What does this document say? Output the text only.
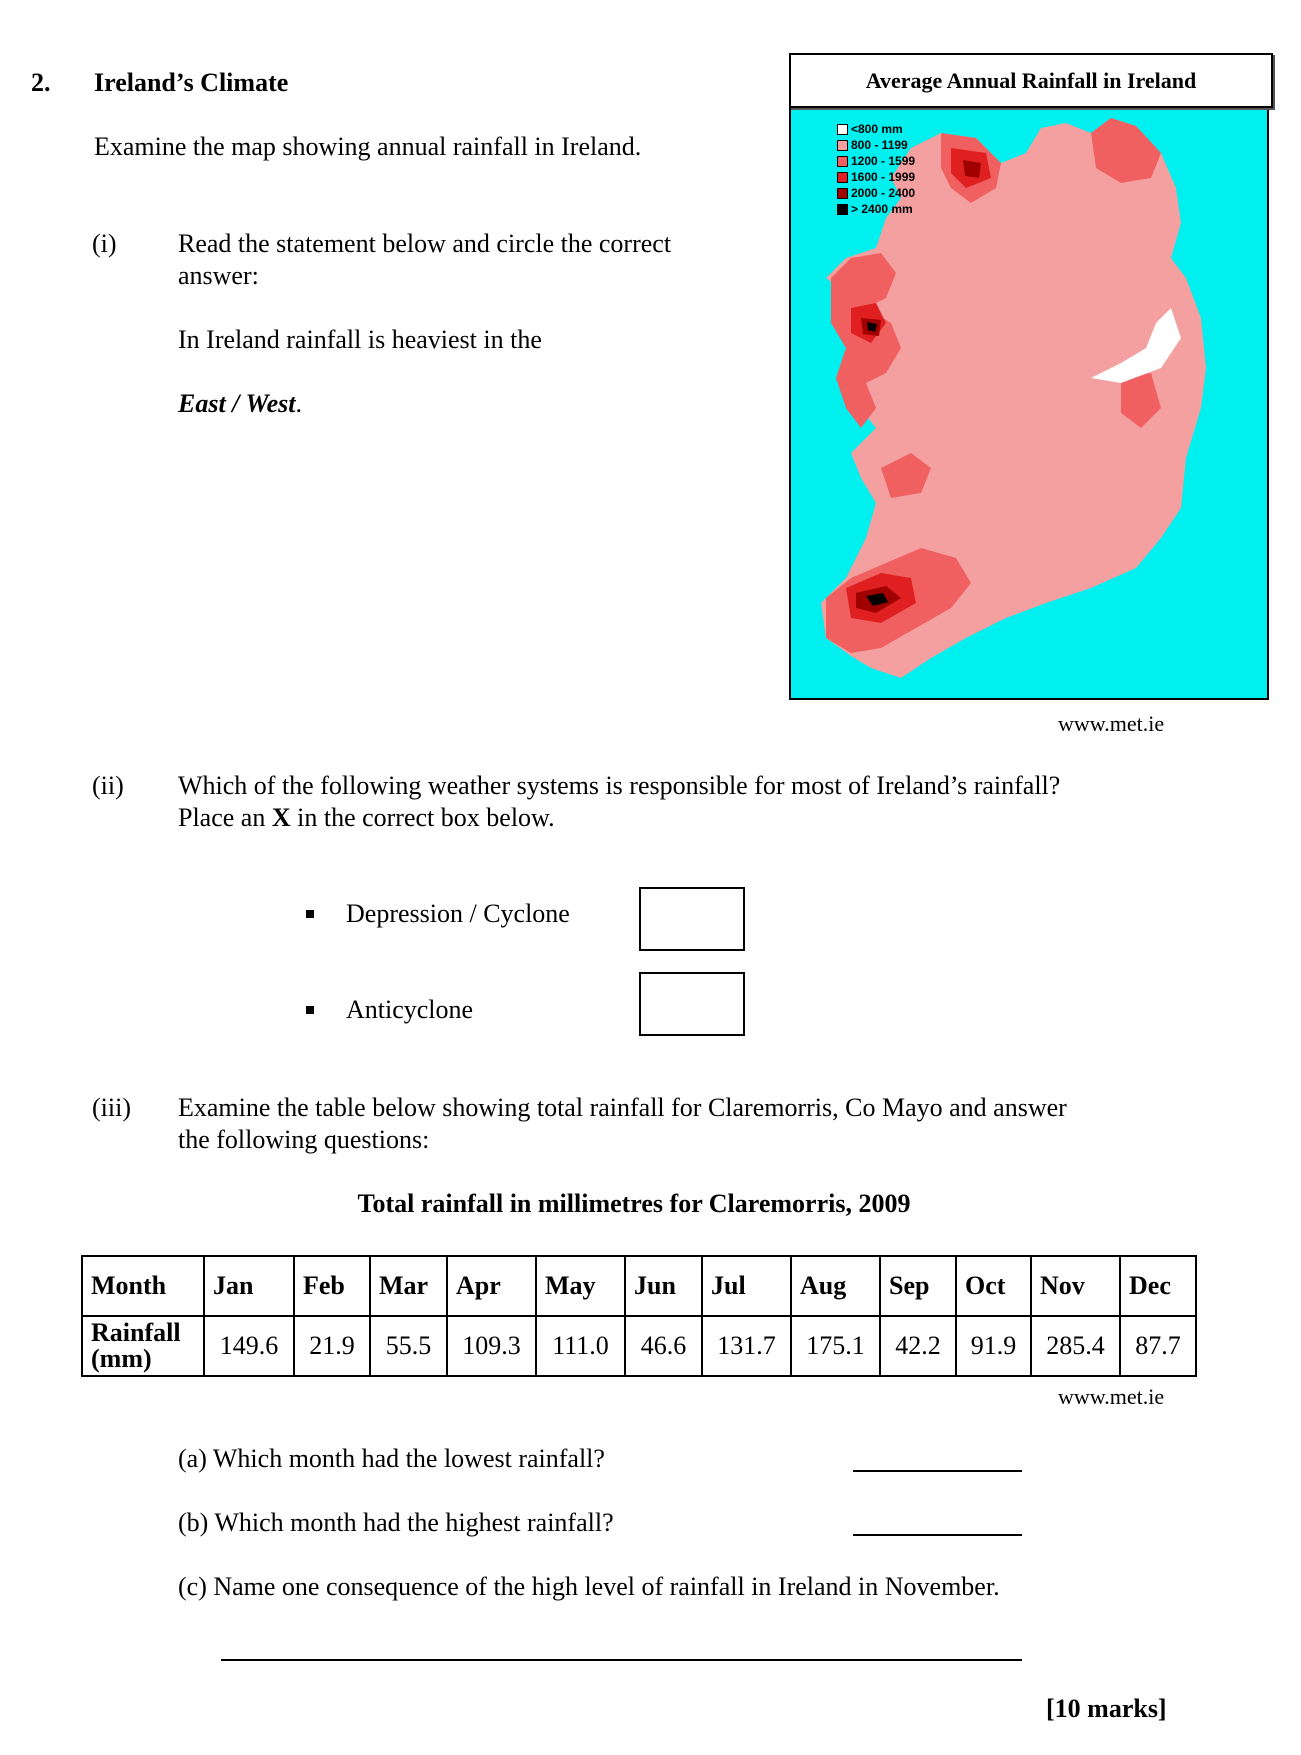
2. Ireland’s Climate
Examine the map showing annual rainfall in Ireland.
(i) Read the statement below and circle the correct
answer:
In Ireland rainfall is heaviest in the
East / West.
Average Annual Rainfall in Ireland
<800 mm
800 - 1199
1200 - 1599
1600 - 1999
2000 - 2400
> 2400 mm
www.met.ie
(ii) Which of the following weather systems is responsible for most of Ireland’s rainfall?
Place an X in the correct box below.
Depression / Cyclone
Anticyclone
(iii) Examine the table below showing total rainfall for Claremorris, Co Mayo and answer
the following questions:
Total rainfall in millimetres for Claremorris, 2009
Month	Jan	Feb	Mar	Apr	May	Jun	Jul	Aug	Sep	Oct	Nov	Dec
Rainfall
(mm)	149.6	21.9	55.5	109.3	111.0	46.6	131.7	175.1	42.2	91.9	285.4	87.7
www.met.ie
(a) Which month had the lowest rainfall?
(b) Which month had the highest rainfall?
(c) Name one consequence of the high level of rainfall in Ireland in November.
[10 marks]
